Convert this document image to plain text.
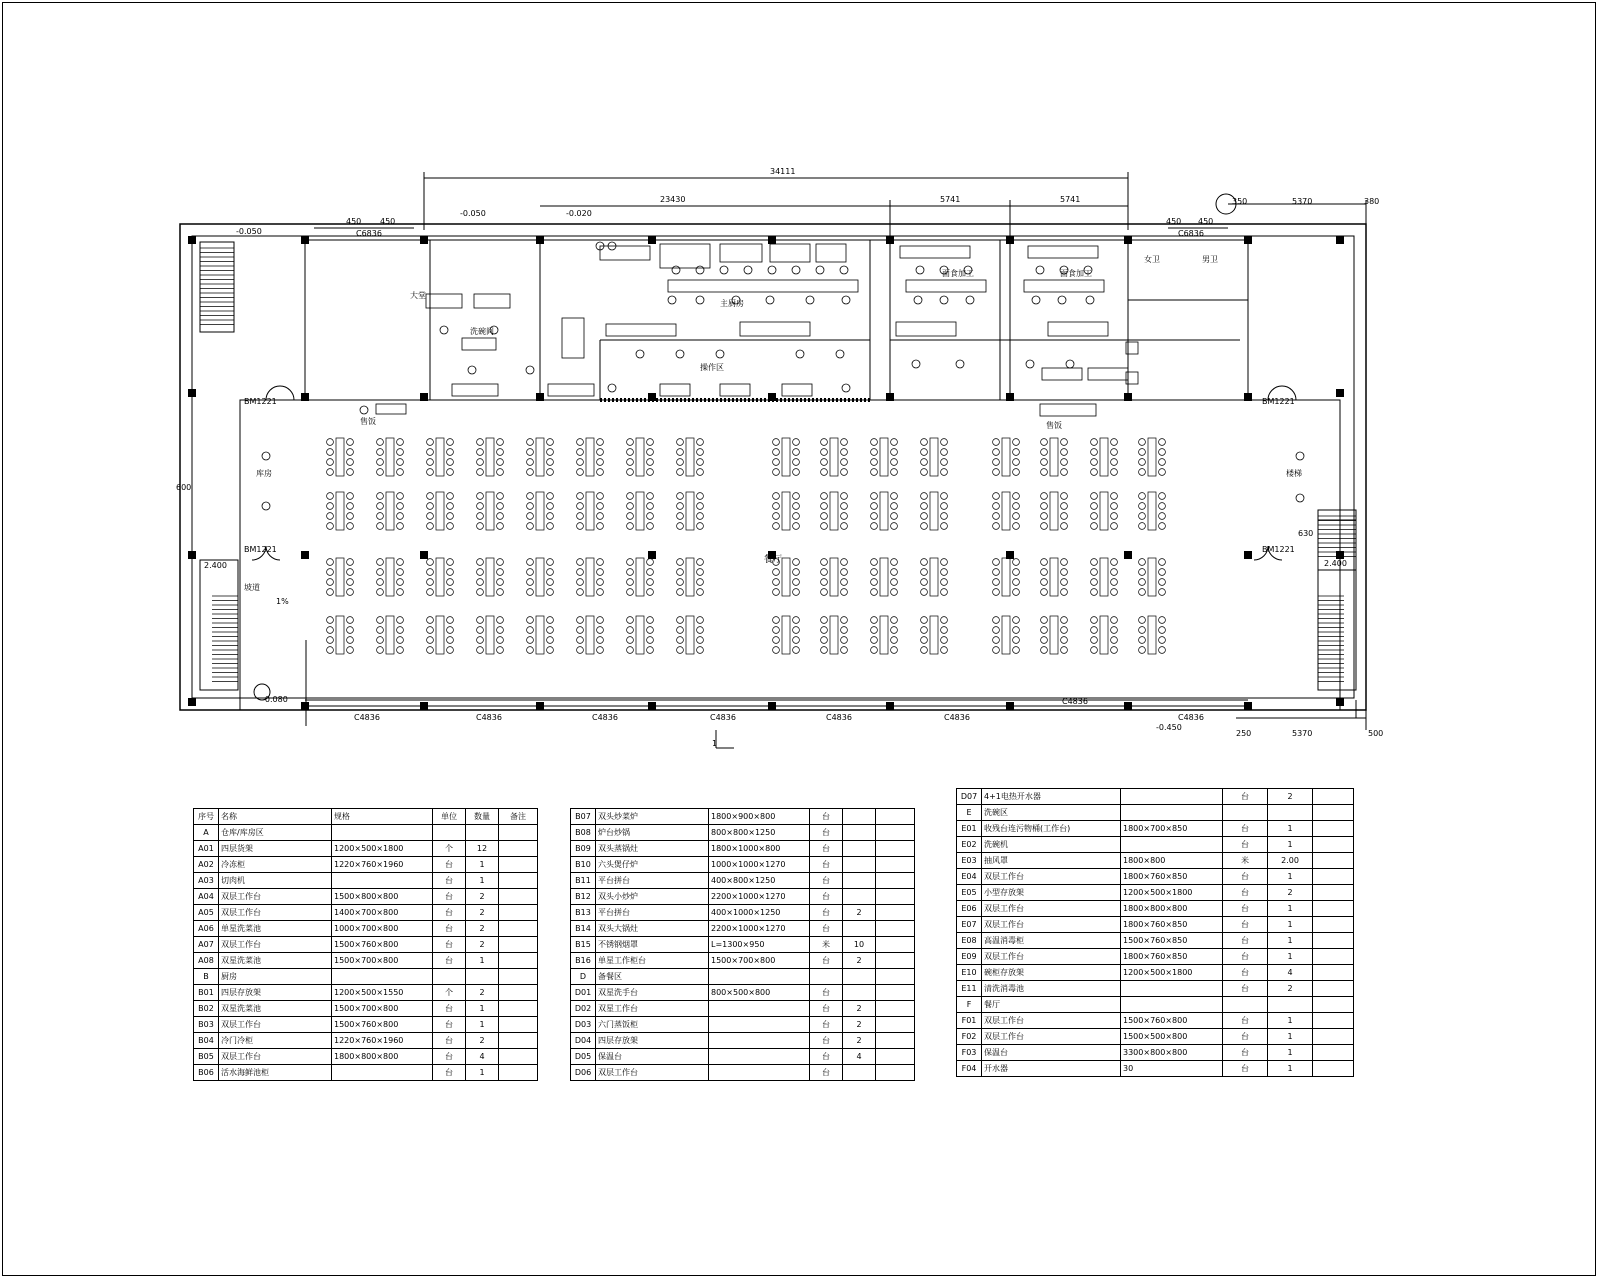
34111
23430	5741	5741
450 450	450 450
350	5370	380
5370	500
250
630
600
2.400	2.400
-0.050	-0.020
-0.450
-0.050
-0.080
C4836	C4836	C4836	C4836	C4836	C4836
C4836
C4836
C6836	C6836
BM1221	BM1221
BM1221	BM1221
餐厅
主厨房
操作区
洗碗间
面食加工	面食加工
女卫	男卫
大堂
售饭	售饭
库房	楼梯
坡道
1%
1
序号	名称	规格	单位	数量	备注
A	仓库/库房区				
A01	四层货架	1200×500×1800	个	12	
A02	冷冻柜	1220×760×1960	台	1	
A03	切肉机		台	1	
A04	双层工作台	1500×800×800	台	2	
A05	双层工作台	1400×700×800	台	2	
A06	单星洗菜池	1000×700×800	台	2	
A07	双层工作台	1500×760×800	台	2	
A08	双星洗菜池	1500×700×800	台	1	
B	厨房				
B01	四层存放架	1200×500×1550	个	2	
B02	双星洗菜池	1500×700×800	台	1	
B03	双层工作台	1500×760×800	台	1	
B04	冷门冷柜	1220×760×1960	台	2	
B05	双层工作台	1800×800×800	台	4	
B06	活水海鲜池柜		台	1	
B07	双头炒菜炉	1800×900×800	台		
B08	炉台炒锅	800×800×1250	台		
B09	双头蒸锅灶	1800×1000×800	台		
B10	六头煲仔炉	1000×1000×1270	台		
B11	平台拼台	400×800×1250	台		
B12	双头小炒炉	2200×1000×1270	台		
B13	平台拼台	400×1000×1250	台	2	
B14	双头大锅灶	2200×1000×1270	台		
B15	不锈钢烟罩	L=1300×950	米	10	
B16	单星工作柜台	1500×700×800	台	2	
D	备餐区				
D01	双星洗手台	800×500×800	台		
D02	双星工作台		台	2	
D03	六门蒸饭柜		台	2	
D04	四层存放架		台	2	
D05	保温台		台	4	
D06	双层工作台		台		
D07	4+1电热开水器		台	2	
E	洗碗区				
E01	收残台连污物桶(工作台)	1800×700×850	台	1	
E02	洗碗机		台	1	
E03	抽风罩	1800×800	米	2.00	
E04	双层工作台	1800×760×850	台	1	
E05	小型存放架	1200×500×1800	台	2	
E06	双层工作台	1800×800×800	台	1	
E07	双层工作台	1800×760×850	台	1	
E08	高温消毒柜	1500×760×850	台	1	
E09	双层工作台	1800×760×850	台	1	
E10	碗柜存放架	1200×500×1800	台	4	
E11	清洗消毒池		台	2	
F	餐厅				
F01	双层工作台	1500×760×800	台	1	
F02	双层工作台	1500×500×800	台	1	
F03	保温台	3300×800×800	台	1	
F04	开水器	30	台	1	
